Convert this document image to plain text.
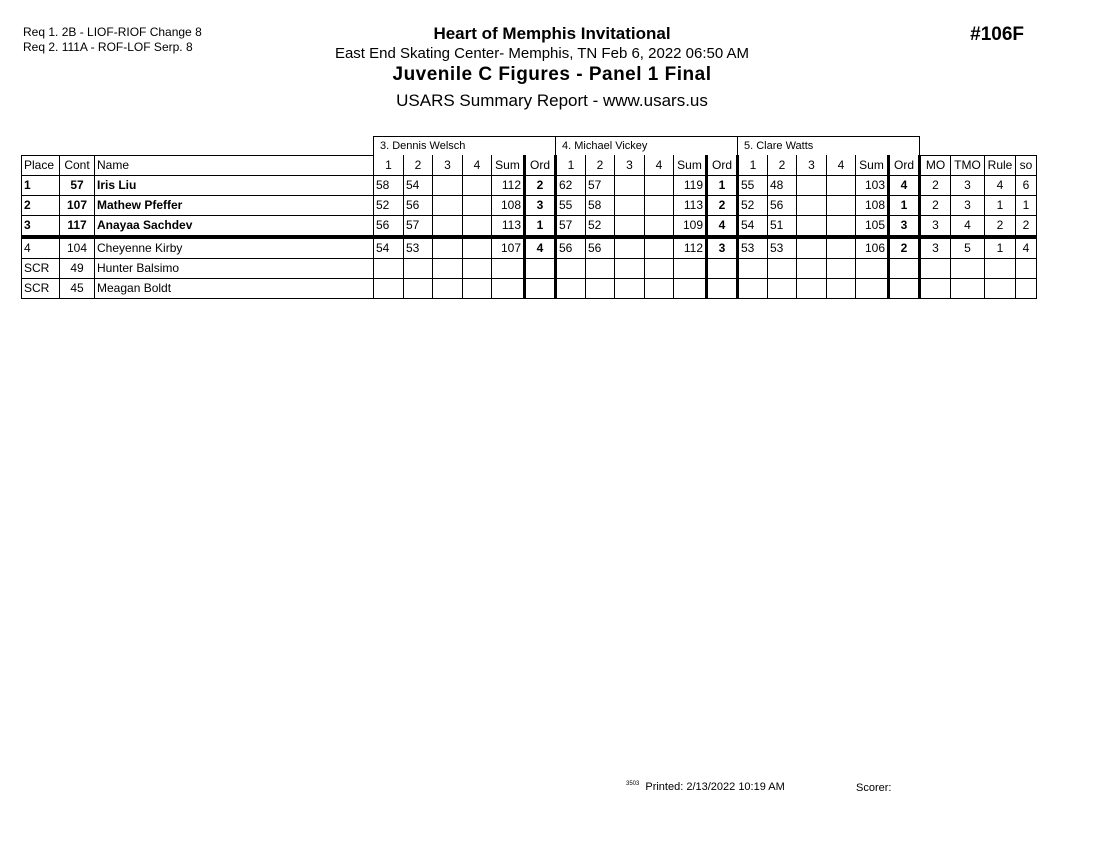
Req 1. 2B - LIOF-RIOF Change 8
Req 2. 111A - ROF-LOF Serp. 8
Heart of Memphis Invitational
East End Skating Center- Memphis, TN Feb 6, 2022 06:50 AM
Juvenile C Figures - Panel 1 Final
USARS Summary Report - www.usars.us
#106F
			3. Dennis Welsch						4. Michael Vickey						5. Clare Watts									
Place	Cont	Name	1	2	3	4	Sum	Ord	1	2	3	4	Sum	Ord	1	2	3	4	Sum	Ord	MO	TMO	Rule	so
1	57	Iris Liu	58	54			112	2	62	57			119	1	55	48			103	4	2	3	4	6
2	107	Mathew Pfeffer	52	56			108	3	55	58			113	2	52	56			108	1	2	3	1	1
3	117	Anayaa Sachdev	56	57			113	1	57	52			109	4	54	51			105	3	3	4	2	2
4	104	Cheyenne Kirby	54	53			107	4	56	56			112	3	53	53			106	2	3	5	1	4
SCR	49	Hunter Balsimo																						
SCR	45	Meagan Boldt																						
$^{3503}$ Printed: 2/13/2022 10:19 AM	Scorer:
